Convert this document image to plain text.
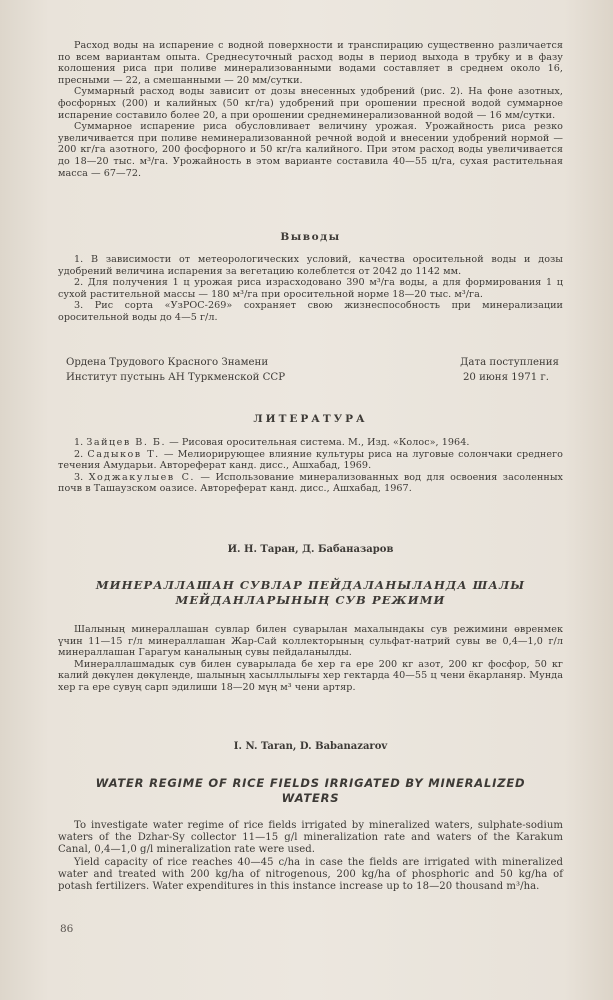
Расход воды на испарение с водной поверхности и транспирацию существенно различается по всем вариантам опыта. Среднесуточный расход воды в период выхода в трубку и в фазу колошения риса при поливе минерализованными водами составляет в среднем около 16, пресными — 22, а смешанными — 20 мм/сутки.

Суммарный расход воды зависит от дозы внесенных удобрений (рис. 2). На фоне азотных, фосфорных (200) и калийных (50 кг/га) удобрений при орошении пресной водой суммарное испарение составило более 20, а при орошении среднеминерализованной водой — 16 мм/сутки.

Суммарное испарение риса обусловливает величину урожая. Урожайность риса резко увеличивается при поливе неминерализованной речной водой и внесении удобрений нормой — 200 кг/га азотного, 200 фосфорного и 50 кг/га калийного. При этом расход воды увеличивается до 18—20 тыс. м³/га. Урожайность в этом варианте составила 40—55 ц/га, сухая растительная масса — 67—72.

Выводы

1. В зависимости от метеорологических условий, качества оросительной воды и дозы удобрений величина испарения за вегетацию колеблется от 2042 до 1142 мм.

2. Для получения 1 ц урожая риса израсходовано 390 м³/га воды, а для формирования 1 ц сухой растительной массы — 180 м³/га при оросительной норме 18—20 тыс. м³/га.

3. Рис сорта «УзРОС-269» сохраняет свою жизнеспособность при минерализации оросительной воды до 4—5 г/л.

Ордена Трудового Красного Знамени	Дата поступления
Институт пустынь АН Туркменской ССР	20 июня 1971 г.
ЛИТЕРАТУРА

1. Зайцев В. Б. — Рисовая оросительная система. М., Изд. «Колос», 1964.

2. Садыков Т. — Мелиорирующее влияние культуры риса на луговые солончаки среднего течения Амударьи. Автореферат канд. дисс., Ашхабад, 1969.

3. Ходжакулыев С. — Использование минерализованных вод для освоения засоленных почв в Ташаузском оазисе. Автореферат канд. дисс., Ашхабад, 1967.

И. Н. Таран, Д. Бабаназаров
МИНЕРАЛЛАШАН СУВЛАР ПЕЙДАЛАНЫЛАНДА ШАЛЫ
МЕЙДАНЛАРЫНЫҢ СУВ РЕЖИМИ

Шалының минераллашан сувлар билен суварылан махалындакы сув режимини өвренмек үчин 11—15 г/л минераллашан Жар-Сай коллекторының сульфат-натрий сувы ве 0,4—1,0 г/л минераллашан Гарагум каналының сувы пейдаланылды.

Минераллашмадык сув билен суварылада бе хер га ере 200 кг азот, 200 кг фосфор, 50 кг калий дөкүлен дөкүлеңде, шалының хасыллылығы хер гектарда 40—55 ц чени ёкарланяр. Мунда хер га ере сувуң сарп эдилиши 18—20 мүң м³ чени артяр.

I. N. Taran, D. Babanazarov
WATER REGIME OF RICE FIELDS IRRIGATED BY MINERALIZED
WATERS

To investigate water regime of rice fields irrigated by mineralized waters, sulphate-sodium waters of the Dzhar-Sy collector 11—15 g/l mineralization rate and waters of the Karakum Canal, 0,4—1,0 g/l mineralization rate were used.

Yield capacity of rice reaches 40—45 c/ha in case the fields are irrigated with mineralized water and treated with 200 kg/ha of nitrogenous, 200 kg/ha of phosphoric and 50 kg/ha of potash fertilizers. Water expenditures in this instance increase up to 18—20 thousand m³/ha.

86
